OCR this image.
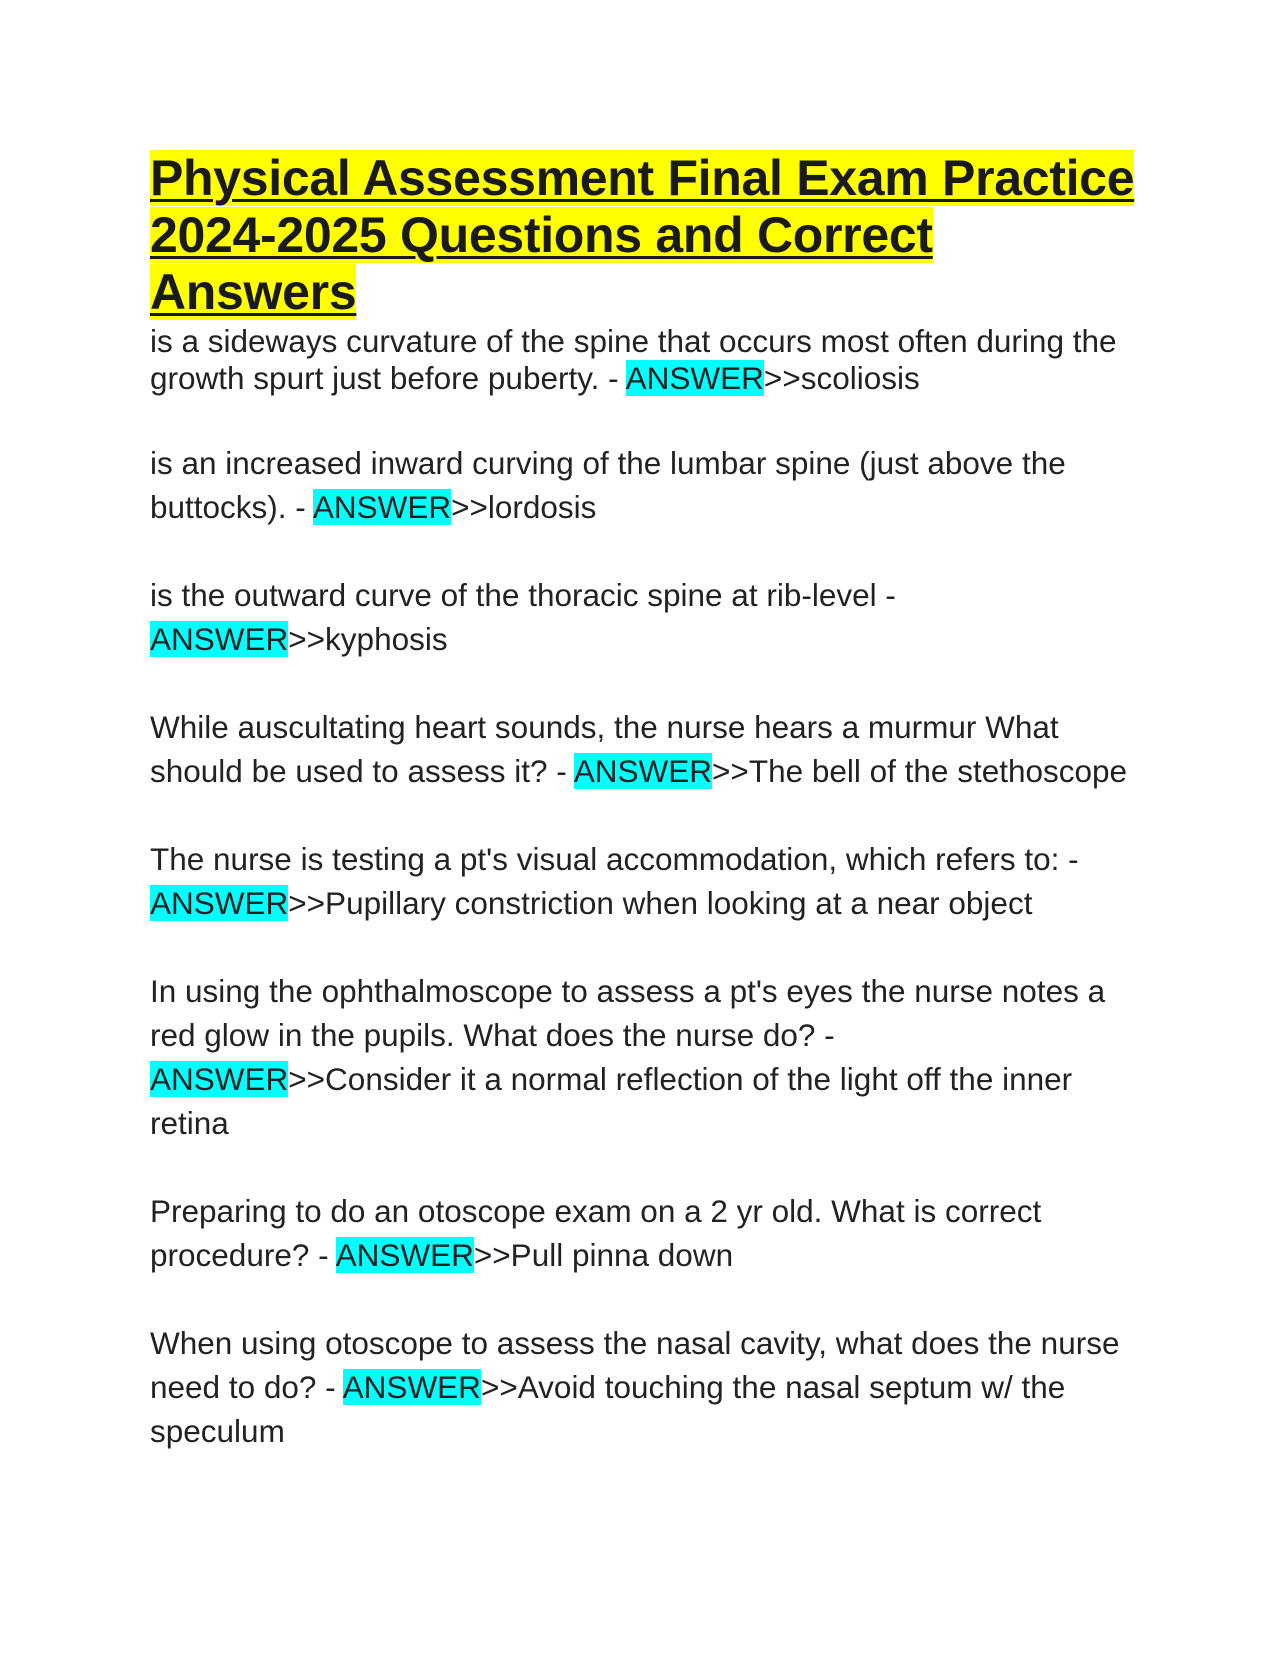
Physical Assessment Final Exam Practice 2024-2025 Questions and Correct Answers

is a sideways curvature of the spine that occurs most often during the growth spurt just before puberty. - ANSWER>>scoliosis

is an increased inward curving of the lumbar spine (just above the buttocks). - ANSWER>>lordosis

is the outward curve of the thoracic spine at rib-level - ANSWER>>kyphosis

While auscultating heart sounds, the nurse hears a murmur What should be used to assess it? - ANSWER>>The bell of the stethoscope

The nurse is testing a pt's visual accommodation, which refers to: - ANSWER>>Pupillary constriction when looking at a near object

In using the ophthalmoscope to assess a pt's eyes the nurse notes a red glow in the pupils. What does the nurse do? - ANSWER>>Consider it a normal reflection of the light off the inner retina

Preparing to do an otoscope exam on a 2 yr old. What is correct procedure? - ANSWER>>Pull pinna down

When using otoscope to assess the nasal cavity, what does the nurse need to do? - ANSWER>>Avoid touching the nasal septum w/ the speculum
